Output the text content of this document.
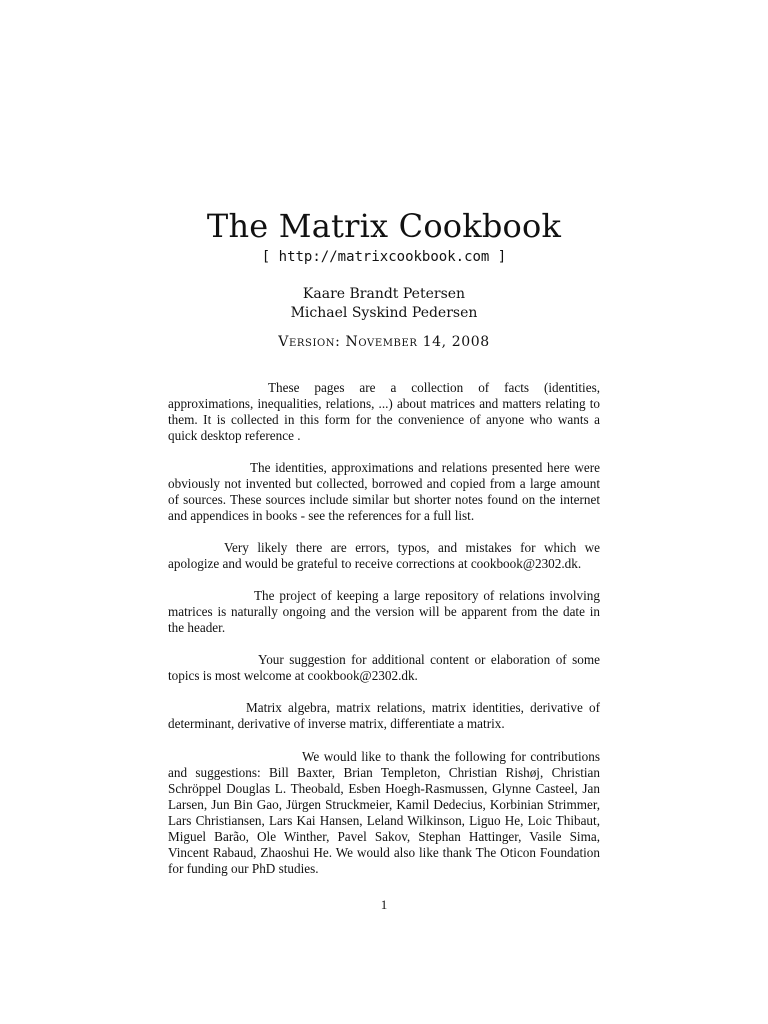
The Matrix Cookbook
[ http://matrixcookbook.com ]
Kaare Brandt Petersen
Michael Syskind Pedersen
Version: November 14, 2008

These pages are a collection of facts (identities, approximations, inequalities, relations, ...) about matrices and matters relating to them. It is collected in this form for the convenience of anyone who wants a quick desktop reference .

The identities, approximations and relations presented here were obviously not invented but collected, borrowed and copied from a large amount of sources. These sources include similar but shorter notes found on the internet and appendices in books - see the references for a full list.

Very likely there are errors, typos, and mistakes for which we apologize and would be grateful to receive corrections at cookbook@2302.dk.

The project of keeping a large repository of relations involving matrices is naturally ongoing and the version will be apparent from the date in the header.

Your suggestion for additional content or elaboration of some topics is most welcome at cookbook@2302.dk.

Matrix algebra, matrix relations, matrix identities, derivative of determinant, derivative of inverse matrix, differentiate a matrix.

We would like to thank the following for contributions and suggestions: Bill Baxter, Brian Templeton, Christian Rishøj, Christian Schröppel Douglas L. Theobald, Esben Hoegh-Rasmussen, Glynne Casteel, Jan Larsen, Jun Bin Gao, Jürgen Struckmeier, Kamil Dedecius, Korbinian Strimmer, Lars Christiansen, Lars Kai Hansen, Leland Wilkinson, Liguo He, Loic Thibaut, Miguel Barão, Ole Winther, Pavel Sakov, Stephan Hattinger, Vasile Sima, Vincent Rabaud, Zhaoshui He. We would also like thank The Oticon Foundation for funding our PhD studies.

1
